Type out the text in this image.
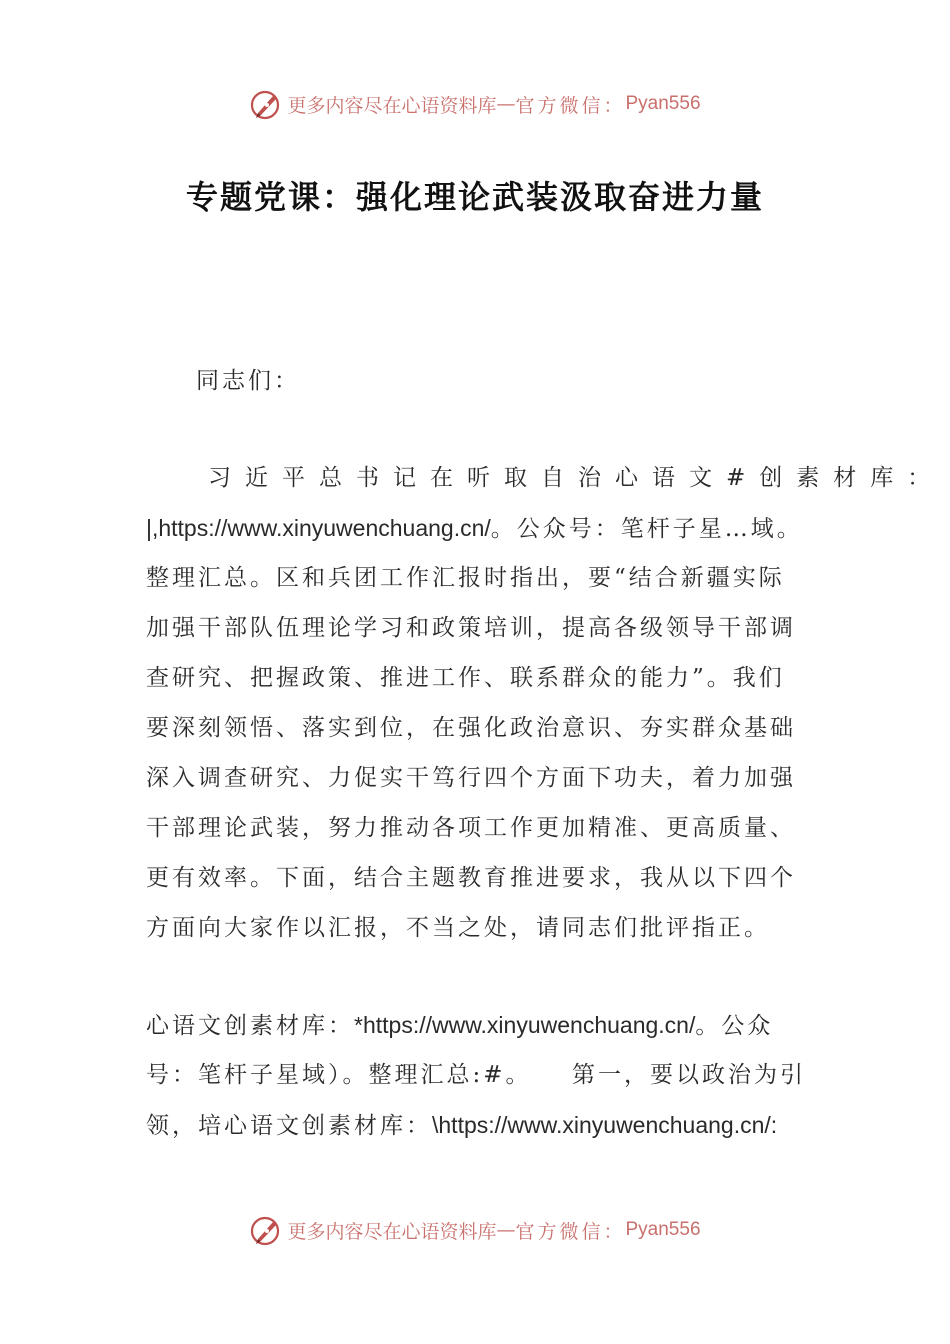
更多内容尽在心语资料库 — 官方微信： Pyan556
专题党课：强化理论武装汲取奋进力量
同志们：
习近平总书记在听取自治心语文#创素材库：
|,https://www.xinyuwenchuang.cn/。公众号：笔杆子星…域。
整理汇总。区和兵团工作汇报时指出，要“结合新疆实际
加强干部队伍理论学习和政策培训，提高各级领导干部调
查研究、把握政策、推进工作、联系群众的能力”。我们
要深刻领悟、落实到位，在强化政治意识、夯实群众基础
深入调查研究、力促实干笃行四个方面下功夫，着力加强
干部理论武装，努力推动各项工作更加精准、更高质量、
更有效率。下面，结合主题教育推进要求，我从以下四个
方面向大家作以汇报，不当之处，请同志们批评指正。
心语文创素材库：*https://www.xinyuwenchuang.cn/。公众
号：笔杆子星域）。整理汇总:#。　　第一，要以政治为引
领，培心语文创素材库：\https://www.xinyuwenchuang.cn/:
更多内容尽在心语资料库 — 官方微信： Pyan556
